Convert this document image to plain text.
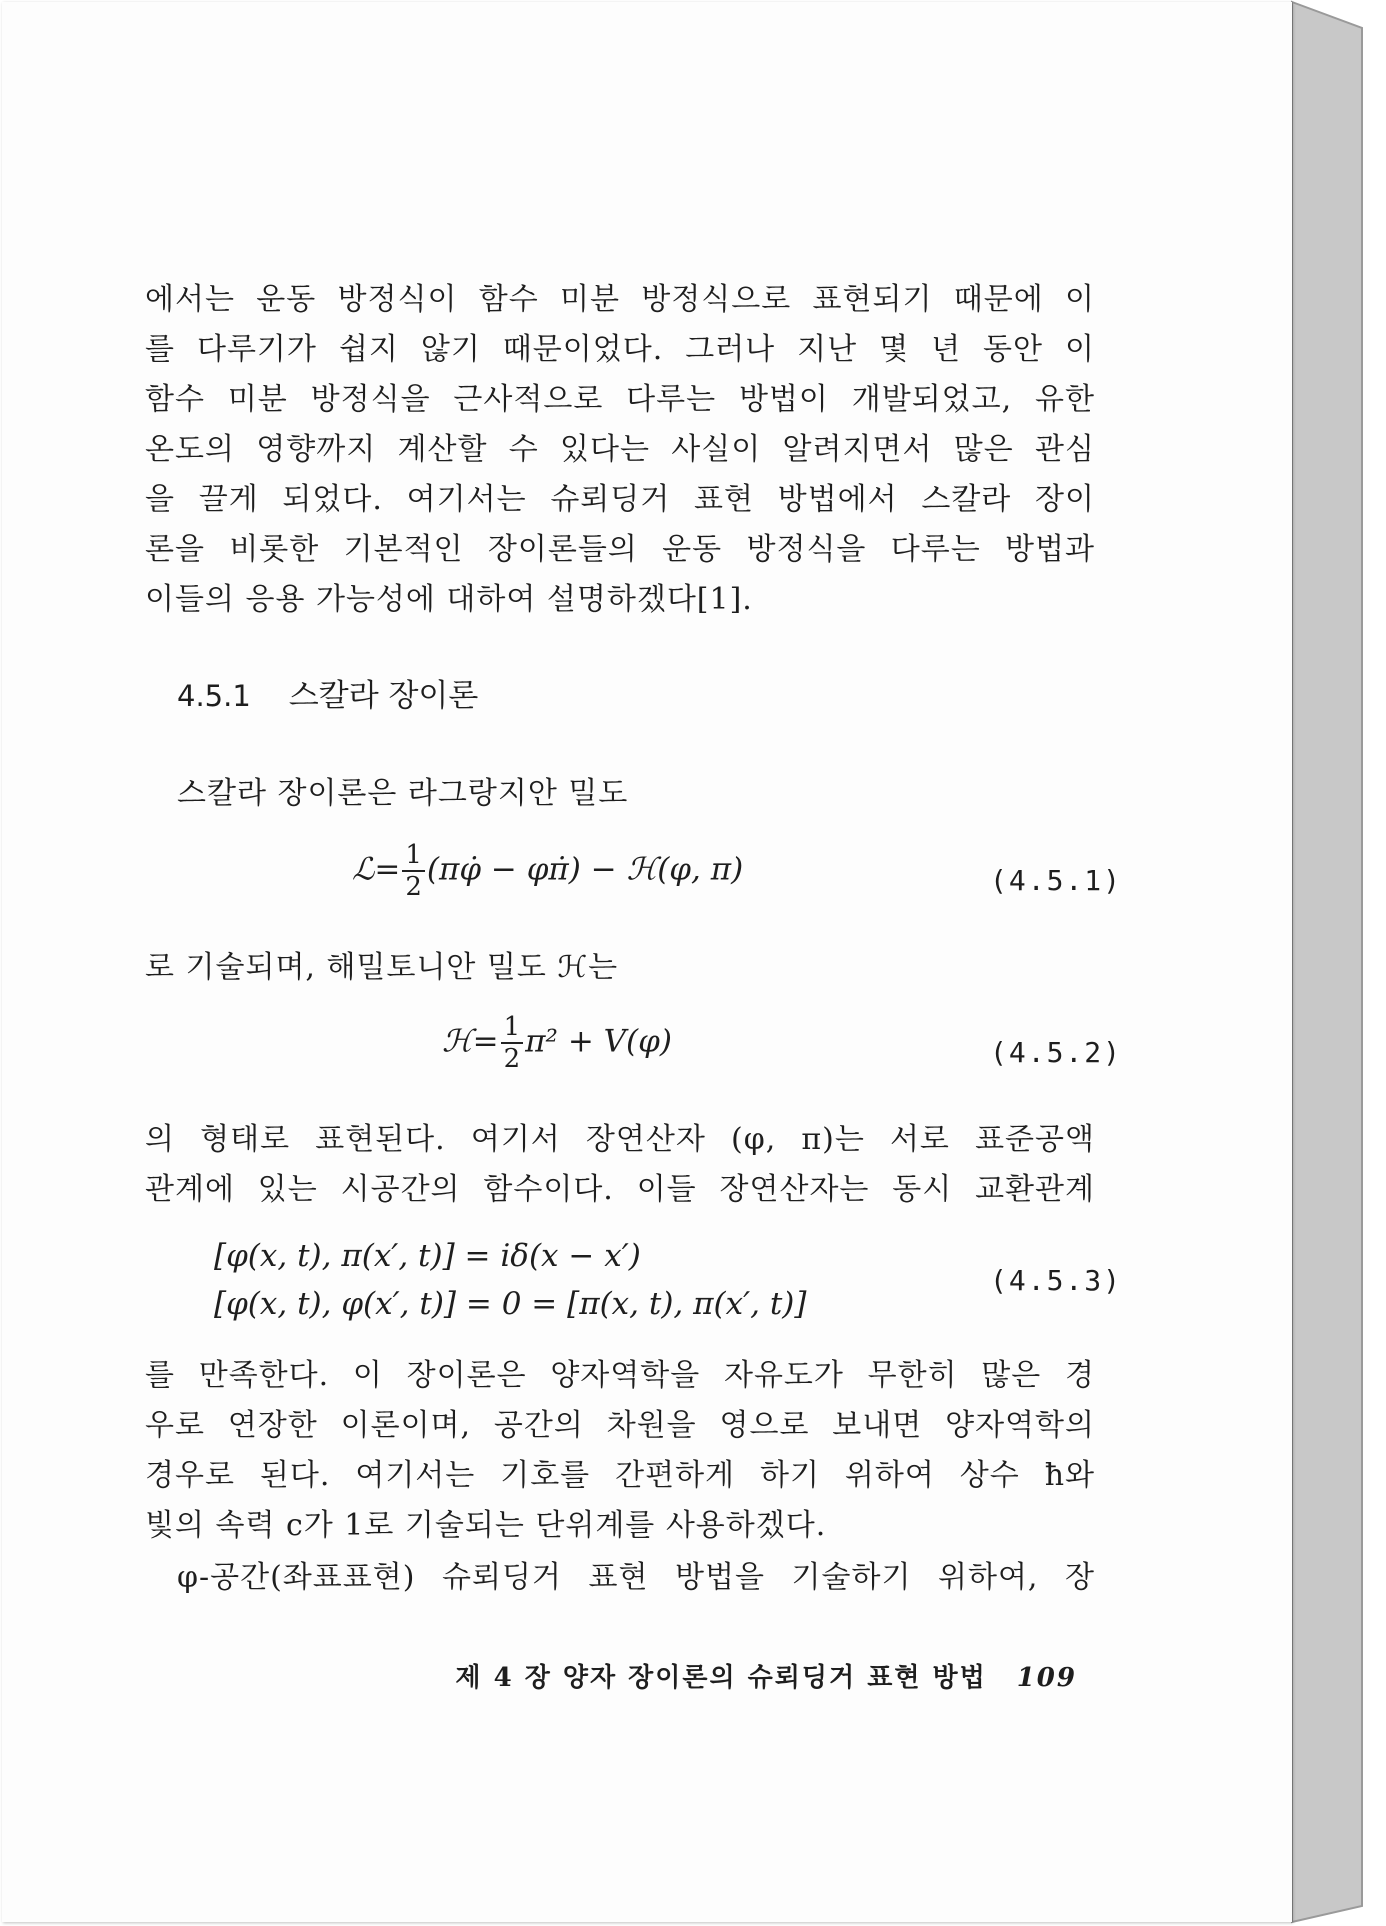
에서는 운동 방정식이 함수 미분 방정식으로 표현되기 때문에 이

를 다루기가 쉽지 않기 때문이었다. 그러나 지난 몇 년 동안 이

함수 미분 방정식을 근사적으로 다루는 방법이 개발되었고, 유한

온도의 영향까지 계산할 수 있다는 사실이 알려지면서 많은 관심

을 끌게 되었다. 여기서는 슈뢰딩거 표현 방법에서 스칼라 장이

론을 비롯한 기본적인 장이론들의 운동 방정식을 다루는 방법과

이들의 응용 가능성에 대하여 설명하겠다[1].

4.5.1 스칼라 장이론

스칼라 장이론은 라그랑지안 밀도

ℒ= $\frac{1}{2}$ (πφ̇ − φπ̇) − ℋ(φ, π)	(4.5.1)

로 기술되며, 해밀토니안 밀도 ℋ는

ℋ= $\frac{1}{2} \pi^2 + V(\varphi)$	(4.5.2)

의 형태로 표현된다. 여기서 장연산자 (φ, π)는 서로 표준공액

관계에 있는 시공간의 함수이다. 이들 장연산자는 동시 교환관계

[φ(x, t), π(x′, t)] = iδ(x − x′)
[φ(x, t), φ(x′, t)] = 0 = [π(x, t), π(x′, t)]
(4.5.3)

를 만족한다. 이 장이론은 양자역학을 자유도가 무한히 많은 경

우로 연장한 이론이며, 공간의 차원을 영으로 보내면 양자역학의

경우로 된다. 여기서는 기호를 간편하게 하기 위하여 상수 ħ와

빛의 속력 c가 1로 기술되는 단위계를 사용하겠다.

φ-공간(좌표표현) 슈뢰딩거 표현 방법을 기술하기 위하여, 장

제 4 장 양자 장이론의 슈뢰딩거 표현 방법 109
